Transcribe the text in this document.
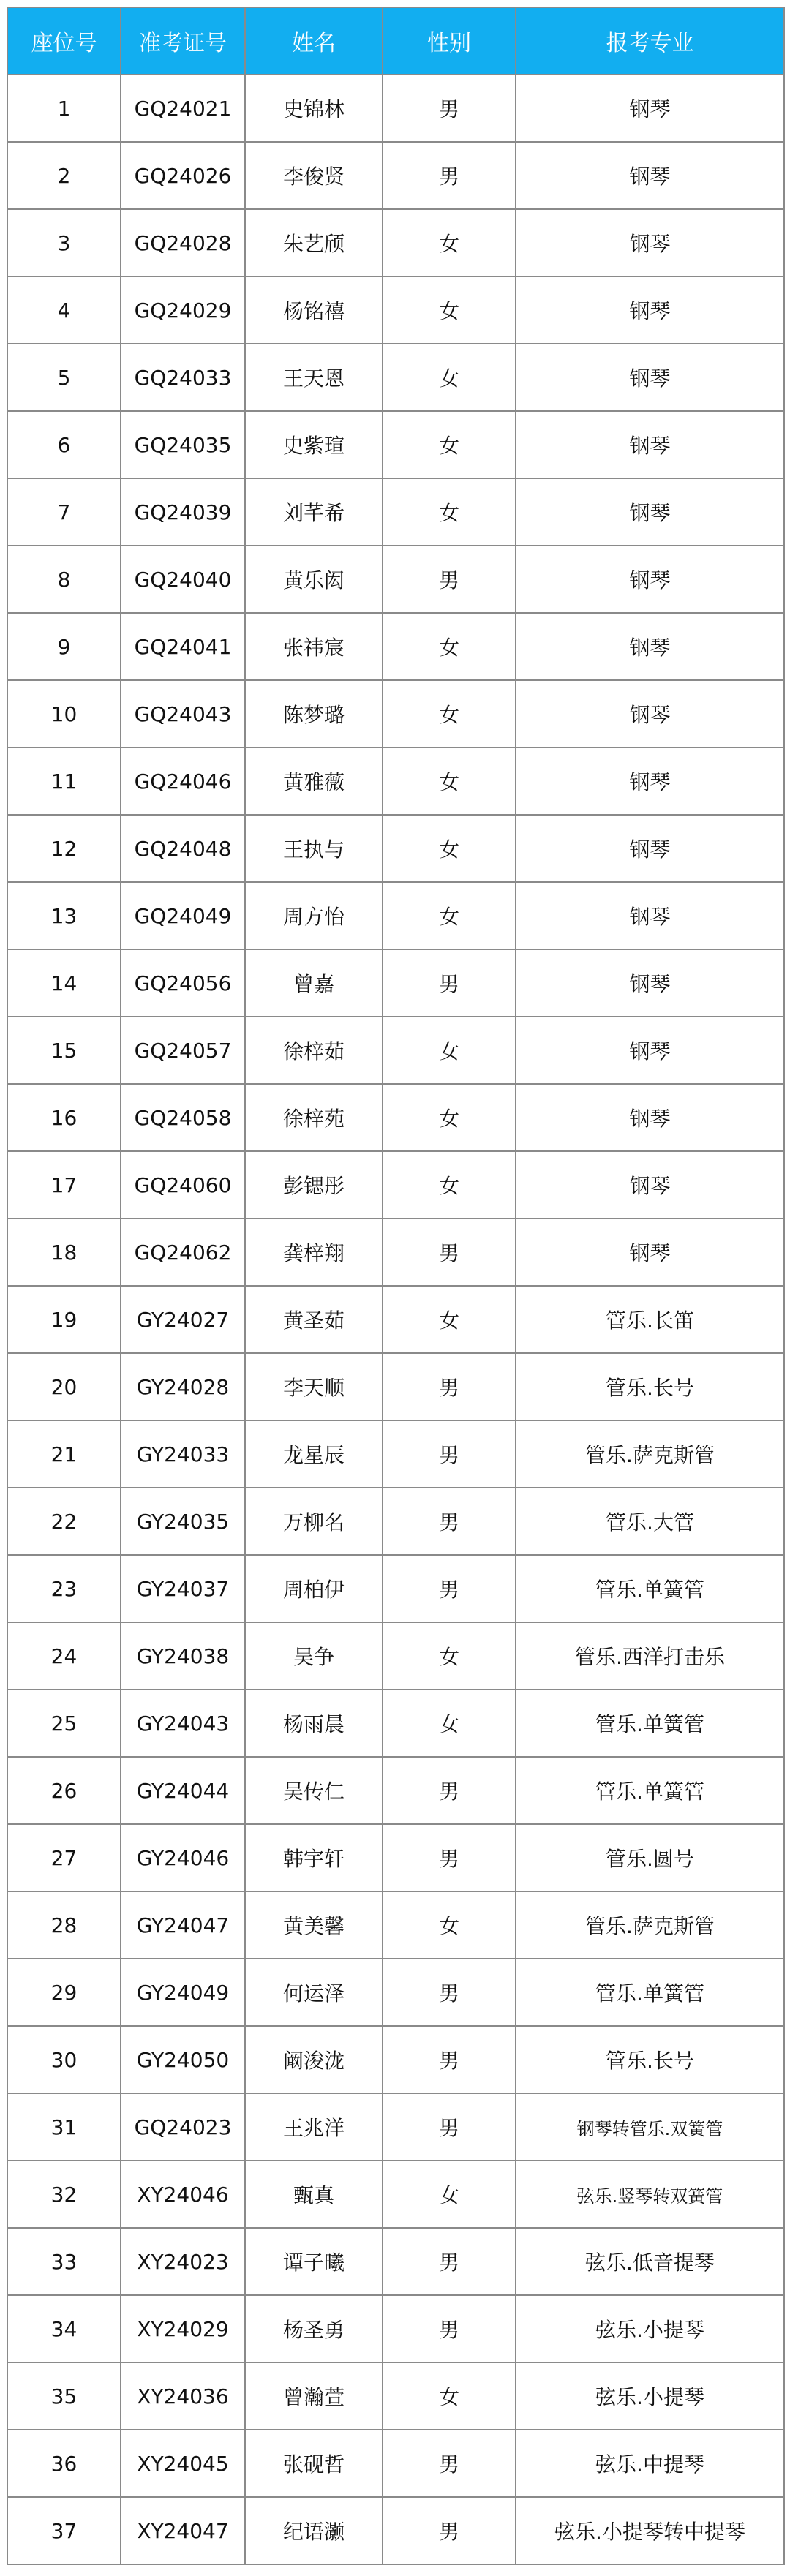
座位号	准考证号	姓名	性别	报考专业
1	GQ24021	史锦林	男	钢琴
2	GQ24026	李俊贤	男	钢琴
3	GQ24028	朱艺颀	女	钢琴
4	GQ24029	杨铭禧	女	钢琴
5	GQ24033	王天恩	女	钢琴
6	GQ24035	史紫瑄	女	钢琴
7	GQ24039	刘芊希	女	钢琴
8	GQ24040	黄乐闳	男	钢琴
9	GQ24041	张祎宸	女	钢琴
10	GQ24043	陈梦璐	女	钢琴
11	GQ24046	黄雅薇	女	钢琴
12	GQ24048	王执与	女	钢琴
13	GQ24049	周方怡	女	钢琴
14	GQ24056	曾嘉	男	钢琴
15	GQ24057	徐梓茹	女	钢琴
16	GQ24058	徐梓苑	女	钢琴
17	GQ24060	彭锶彤	女	钢琴
18	GQ24062	龚梓翔	男	钢琴
19	GY24027	黄圣茹	女	管乐.长笛
20	GY24028	李天顺	男	管乐.长号
21	GY24033	龙星辰	男	管乐.萨克斯管
22	GY24035	万柳名	男	管乐.大管
23	GY24037	周柏伊	男	管乐.单簧管
24	GY24038	吴争	女	管乐.西洋打击乐
25	GY24043	杨雨晨	女	管乐.单簧管
26	GY24044	吴传仁	男	管乐.单簧管
27	GY24046	韩宇轩	男	管乐.圆号
28	GY24047	黄美馨	女	管乐.萨克斯管
29	GY24049	何运泽	男	管乐.单簧管
30	GY24050	阚浚泷	男	管乐.长号
31	GQ24023	王兆洋	男	钢琴转管乐.双簧管
32	XY24046	甄真	女	弦乐.竖琴转双簧管
33	XY24023	谭子曦	男	弦乐.低音提琴
34	XY24029	杨圣勇	男	弦乐.小提琴
35	XY24036	曾瀚萱	女	弦乐.小提琴
36	XY24045	张砚哲	男	弦乐.中提琴
37	XY24047	纪语灏	男	弦乐.小提琴转中提琴
